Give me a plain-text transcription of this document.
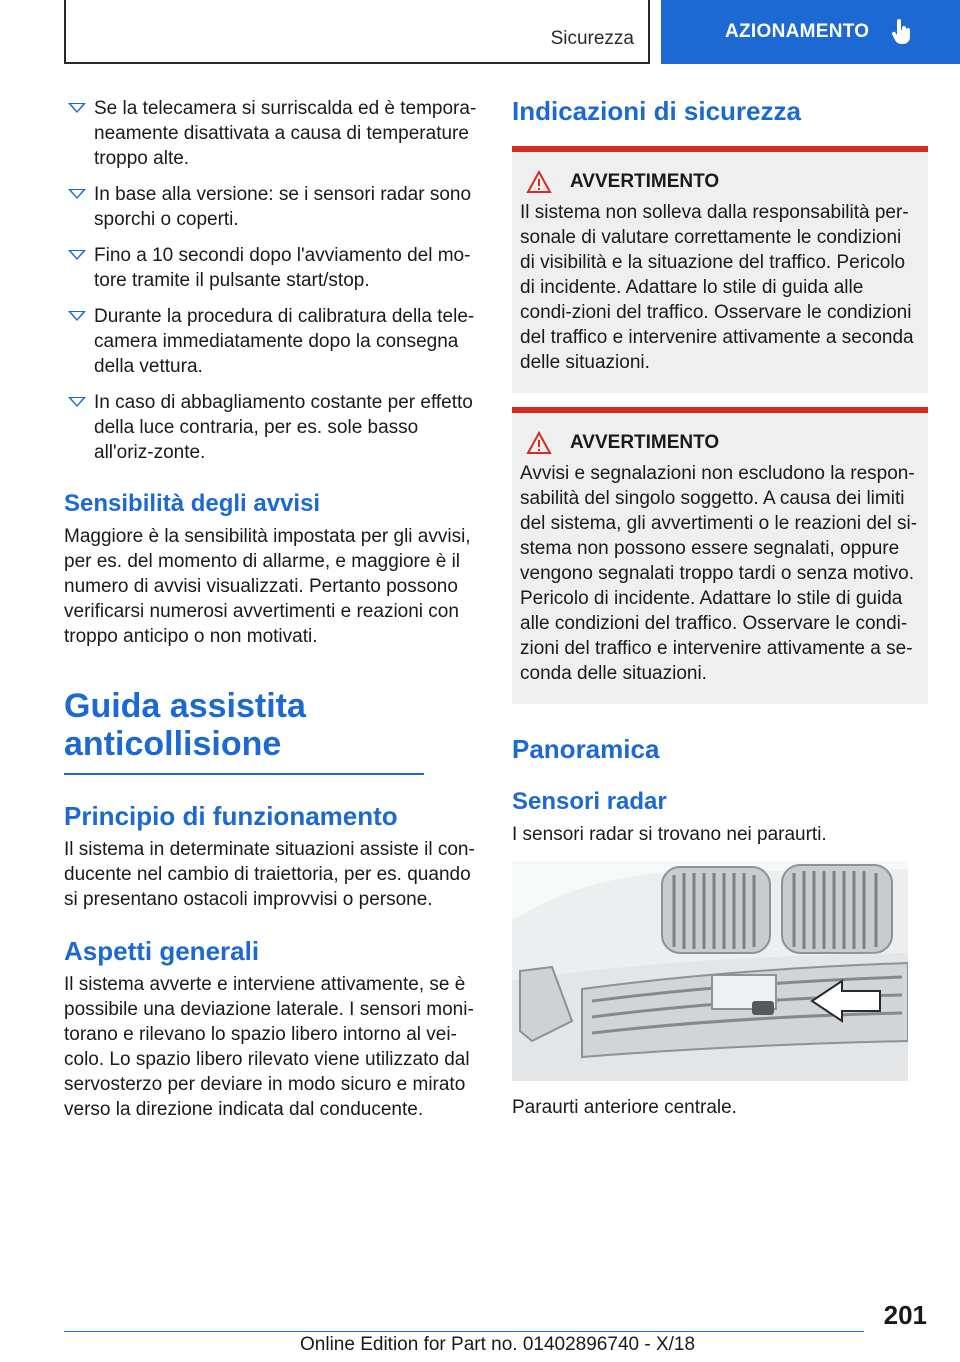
Sicurezza	AZIONAMENTO
Se la telecamera si surriscalda ed è tempora-neamente disattivata a causa di temperature troppo alte.
In base alla versione: se i sensori radar sono sporchi o coperti.
Fino a 10 secondi dopo l'avviamento del mo-tore tramite il pulsante start/stop.
Durante la procedura di calibratura della tele-camera immediatamente dopo la consegna della vettura.
In caso di abbagliamento costante per effetto della luce contraria, per es. sole basso all'oriz-zonte.
Sensibilità degli avvisi

Maggiore è la sensibilità impostata per gli avvisi, per es. del momento di allarme, e maggiore è il numero di avvisi visualizzati. Pertanto possono verificarsi numerosi avvertimenti e reazioni con troppo anticipo o non motivati.

Guida assistita anticollisione
Principio di funzionamento

Il sistema in determinate situazioni assiste il con-ducente nel cambio di traiettoria, per es. quando si presentano ostacoli improvvisi o persone.

Aspetti generali

Il sistema avverte e interviene attivamente, se è possibile una deviazione laterale. I sensori moni-torano e rilevano lo spazio libero intorno al vei-colo. Lo spazio libero rilevato viene utilizzato dal servosterzo per deviare in modo sicuro e mirato verso la direzione indicata dal conducente.

Indicazioni di sicurezza
AVVERTIMENTO

Il sistema non solleva dalla responsabilità per-sonale di valutare correttamente le condizioni di visibilità e la situazione del traffico. Pericolo di incidente. Adattare lo stile di guida alle condi-zioni del traffico. Osservare le condizioni del traffico e intervenire attivamente a seconda delle situazioni.

AVVERTIMENTO

Avvisi e segnalazioni non escludono la respon-sabilità del singolo soggetto. A causa dei limiti del sistema, gli avvertimenti o le reazioni del si-stema non possono essere segnalati, oppure vengono segnalati troppo tardi o senza motivo. Pericolo di incidente. Adattare lo stile di guida alle condizioni del traffico. Osservare le condi-zioni del traffico e intervenire attivamente a se-conda delle situazioni.

Panoramica
Sensori radar

I sensori radar si trovano nei paraurti.

Paraurti anteriore centrale.

201
Online Edition for Part no. 01402896740 - X/18
